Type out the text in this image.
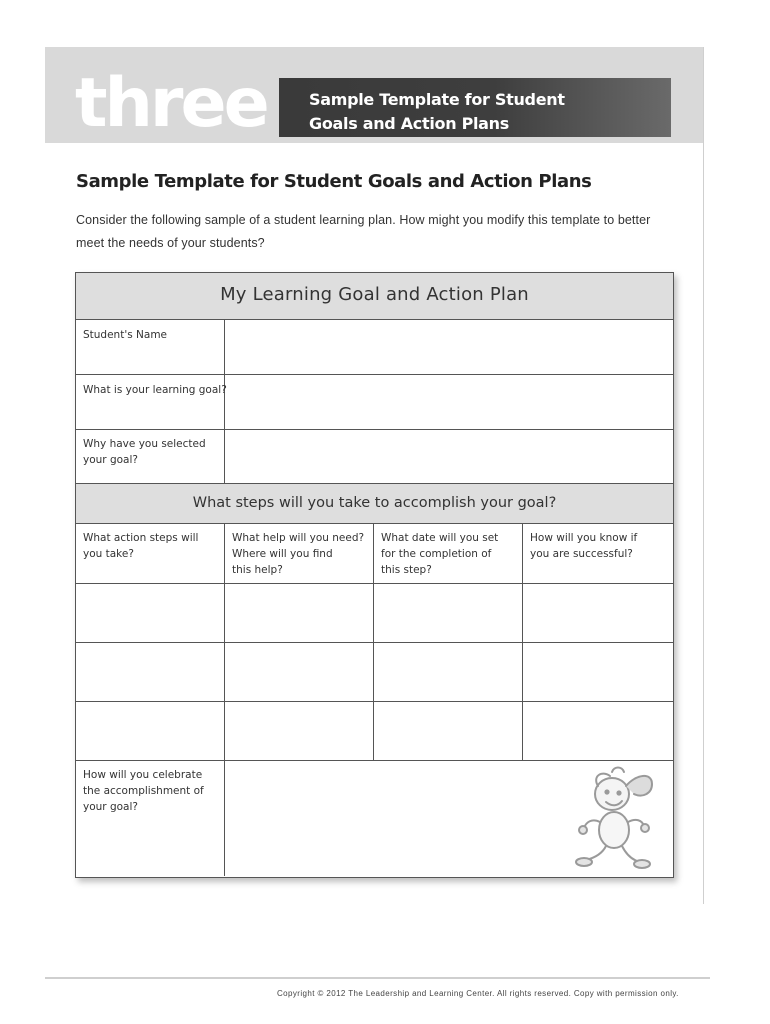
three	Sample Template for Student
Goals and Action Plans
Sample Template for Student Goals and Action Plans
Consider the following sample of a student learning plan. How might you modify this template to better meet the needs of your students?
My Learning Goal and Action Plan
Student's Name
What is your learning goal?
Why have you selected
your goal?
What steps will you take to accomplish your goal?
What action steps will
you take?
What help will you need?
Where will you find
this help?
What date will you set
for the completion of
this step?
How will you know if
you are successful?
How will you celebrate
the accomplishment of
your goal?
Copyright © 2012 The Leadership and Learning Center. All rights reserved. Copy with permission only.
